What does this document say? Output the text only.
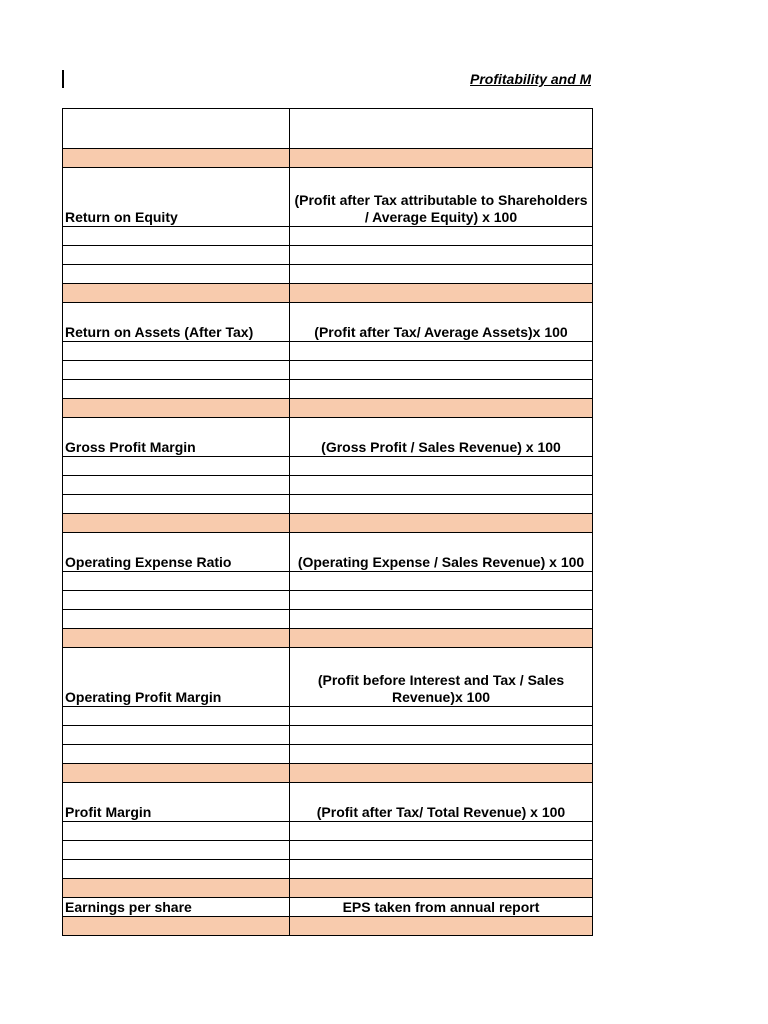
Profitability and M

Return on Equity	(Profit after Tax attributable to Shareholders / Average Equity) x 100

Return on Assets (After Tax)	(Profit after Tax/ Average Assets)x 100

Gross Profit Margin	(Gross Profit / Sales Revenue) x 100

Operating Expense Ratio	(Operating Expense / Sales Revenue) x 100

Operating Profit Margin	(Profit before Interest and Tax / Sales Revenue)x 100

Profit Margin	(Profit after Tax/ Total Revenue) x 100

Earnings per share	EPS taken from annual report
